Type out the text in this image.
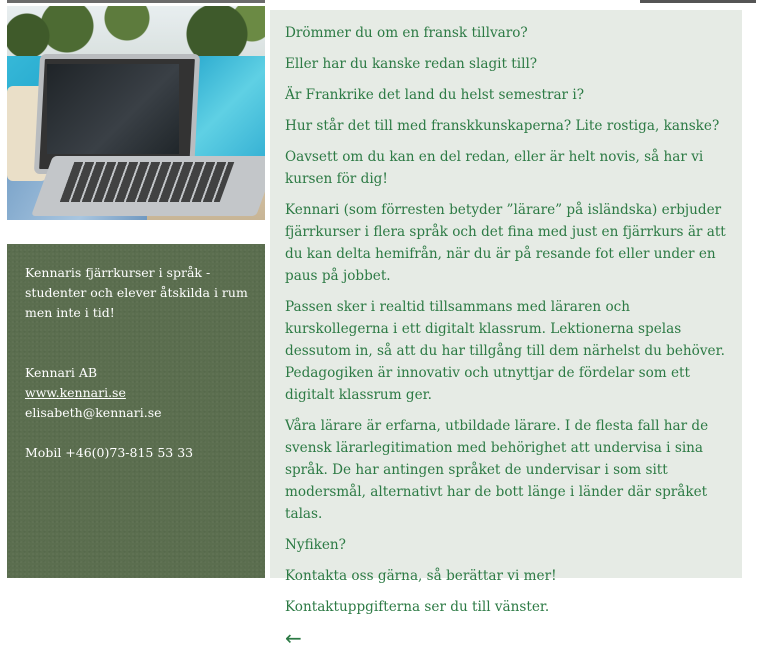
Kennaris fjärrkurser i språk - studenter och elever åtskilda i rum men inte i tid!

Kennari AB

www.kennari.se

elisabeth@kennari.se

Mobil +46(0)73-815 53 33

Drömmer du om en fransk tillvaro?

Eller har du kanske redan slagit till?

Är Frankrike det land du helst semestrar i?

Hur står det till med franskkunskaperna? Lite rostiga, kanske?

Oavsett om du kan en del redan, eller är helt novis, så har vi kursen för dig!

Kennari (som förresten betyder ”lärare” på isländska) erbjuder fjärrkurser i flera språk och det fina med just en fjärrkurs är att du kan delta hemifrån, när du är på resande fot eller under en paus på jobbet.

Passen sker i realtid tillsammans med läraren och kurskollegerna i ett digitalt klassrum. Lektionerna spelas dessutom in, så att du har tillgång till dem närhelst du behöver. Pedagogiken är innovativ och utnyttjar de fördelar som ett digitalt klassrum ger.

Våra lärare är erfarna, utbildade lärare. I de flesta fall har de svensk lärarlegitimation med behörighet att undervisa i sina språk. De har antingen språket de undervisar i som sitt modersmål, alternativt har de bott länge i länder där språket talas.

Nyfiken?

Kontakta oss gärna, så berättar vi mer!

Kontaktuppgifterna ser du till vänster.

←
